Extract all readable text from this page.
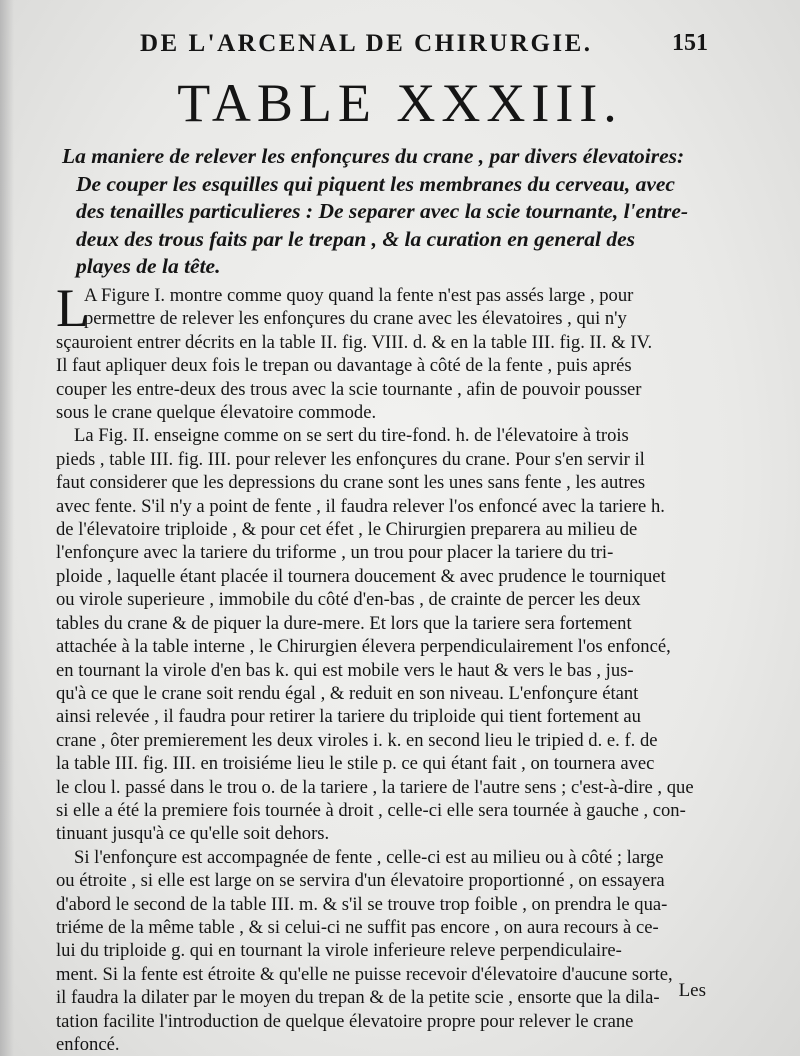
DE L'ARCENAL DE CHIRURGIE.	151
TABLE XXXIII.

La maniere de relever les enfonçures du crane , par divers élevatoires:
De couper les esquilles qui piquent les membranes du cerveau, avec
des tenailles particulieres : De separer avec la scie tournante, l'entre-
deux des trous faits par le trepan , & la curation en general des
playes de la tête.

L
A Figure I. montre comme quoy quand la fente n'est pas assés large , pour
permettre de relever les enfonçures du crane avec les élevatoires , qui n'y
sçauroient entrer décrits en la table II. fig. VIII. d. & en la table III. fig. II. & IV.
Il faut apliquer deux fois le trepan ou davantage à côté de la fente , puis aprés
couper les entre-deux des trous avec la scie tournante , afin de pouvoir pousser
sous le crane quelque élevatoire commode.
La Fig. II. enseigne comme on se sert du tire-fond. h. de l'élevatoire à trois
pieds , table III. fig. III. pour relever les enfonçures du crane. Pour s'en servir il
faut considerer que les depressions du crane sont les unes sans fente , les autres
avec fente. S'il n'y a point de fente , il faudra relever l'os enfoncé avec la tariere h.
de l'élevatoire triploide , & pour cet éfet , le Chirurgien preparera au milieu de
l'enfonçure avec la tariere du triforme , un trou pour placer la tariere du tri-
ploide , laquelle étant placée il tournera doucement & avec prudence le tourniquet
ou virole superieure , immobile du côté d'en-bas , de crainte de percer les deux
tables du crane & de piquer la dure-mere. Et lors que la tariere sera fortement
attachée à la table interne , le Chirurgien élevera perpendiculairement l'os enfoncé,
en tournant la virole d'en bas k. qui est mobile vers le haut & vers le bas , jus-
qu'à ce que le crane soit rendu égal , & reduit en son niveau. L'enfonçure étant
ainsi relevée , il faudra pour retirer la tariere du triploide qui tient fortement au
crane , ôter premierement les deux viroles i. k. en second lieu le tripied d. e. f. de
la table III. fig. III. en troisiéme lieu le stile p. ce qui étant fait , on tournera avec
le clou l. passé dans le trou o. de la tariere , la tariere de l'autre sens ; c'est-à-dire , que
si elle a été la premiere fois tournée à droit , celle-ci elle sera tournée à gauche , con-
tinuant jusqu'à ce qu'elle soit dehors.
Si l'enfonçure est accompagnée de fente , celle-ci est au milieu ou à côté ; large
ou étroite , si elle est large on se servira d'un élevatoire proportionné , on essayera
d'abord le second de la table III. m. & s'il se trouve trop foible , on prendra le qua-
triéme de la même table , & si celui-ci ne suffit pas encore , on aura recours à ce-
lui du triploide g. qui en tournant la virole inferieure releve perpendiculaire-
ment. Si la fente est étroite & qu'elle ne puisse recevoir d'élevatoire d'aucune sorte,
il faudra la dilater par le moyen du trepan & de la petite scie , ensorte que la dila-
tation facilite l'introduction de quelque élevatoire propre pour relever le crane
enfoncé.
Les
